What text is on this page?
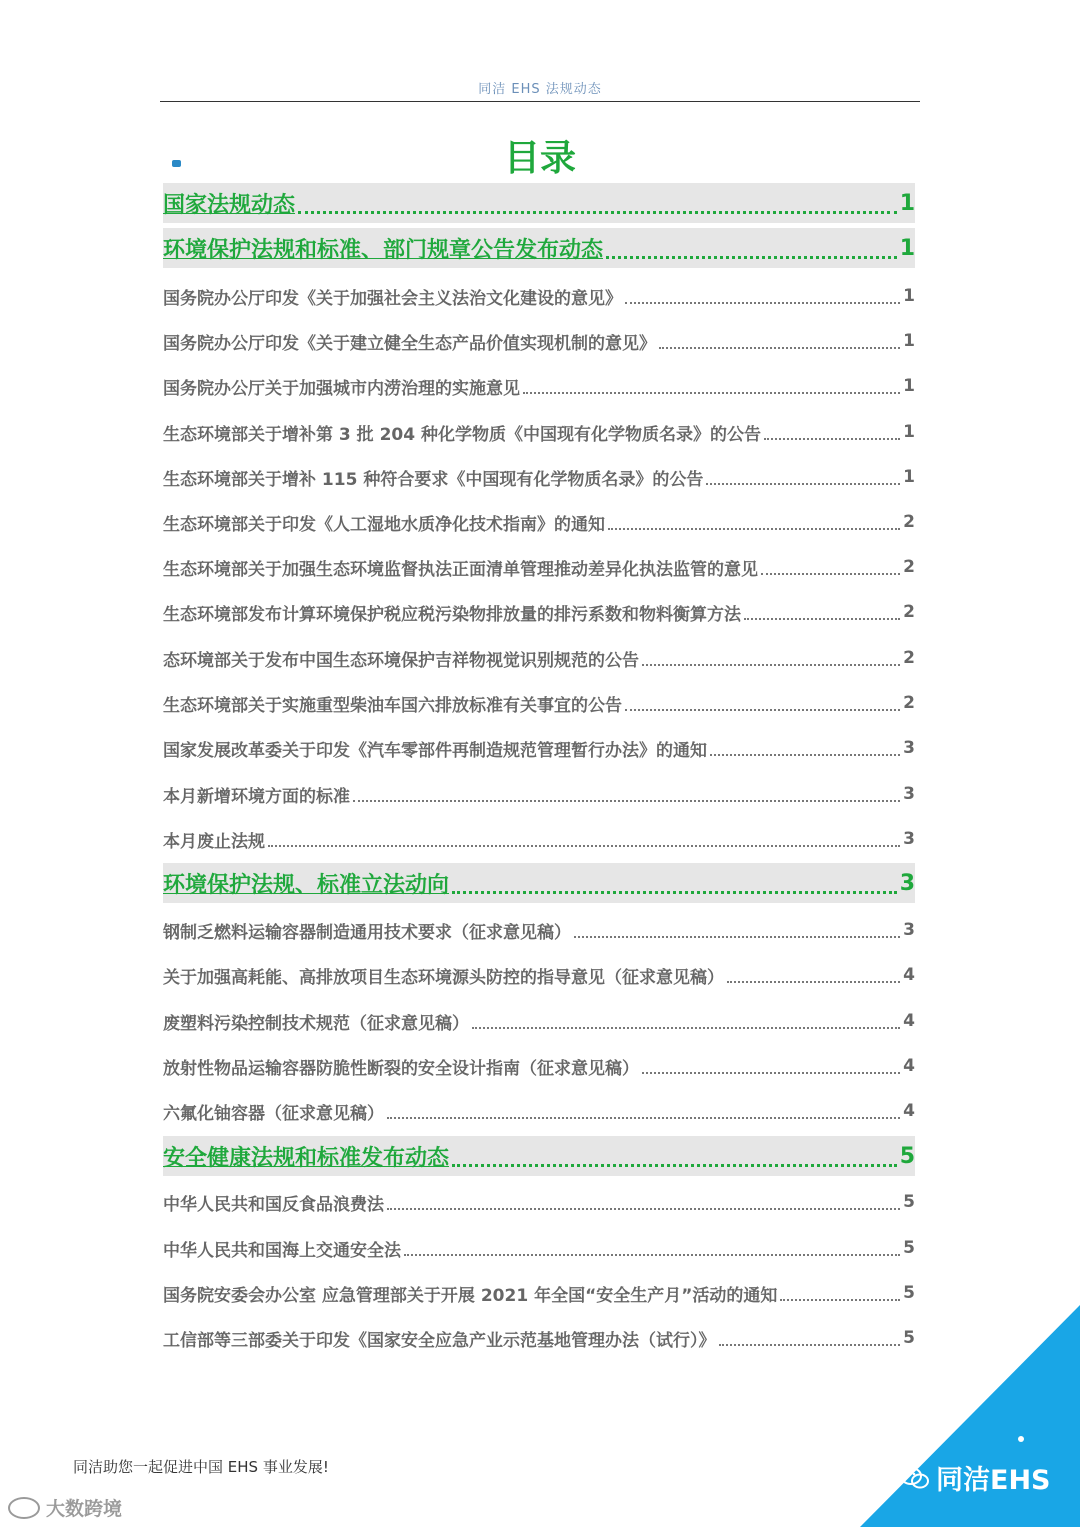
同洁 EHS 法规动态
目录
国家法规动态	1
环境保护法规和标准、部门规章公告发布动态	1
国务院办公厅印发《关于加强社会主义法治文化建设的意见》	1
国务院办公厅印发《关于建立健全生态产品价值实现机制的意见》	1
国务院办公厅关于加强城市内涝治理的实施意见	1
生态环境部关于增补第 3 批 204 种化学物质《中国现有化学物质名录》的公告	1
生态环境部关于增补 115 种符合要求《中国现有化学物质名录》的公告	1
生态环境部关于印发《人工湿地水质净化技术指南》的通知	2
生态环境部关于加强生态环境监督执法正面清单管理推动差异化执法监管的意见	2
生态环境部发布计算环境保护税应税污染物排放量的排污系数和物料衡算方法	2
态环境部关于发布中国生态环境保护吉祥物视觉识别规范的公告	2
生态环境部关于实施重型柴油车国六排放标准有关事宜的公告	2
国家发展改革委关于印发《汽车零部件再制造规范管理暂行办法》的通知	3
本月新增环境方面的标准	3
本月废止法规	3
环境保护法规、标准立法动向	3
钢制乏燃料运输容器制造通用技术要求（征求意见稿）	3
关于加强高耗能、高排放项目生态环境源头防控的指导意见（征求意见稿）	4
废塑料污染控制技术规范（征求意见稿）	4
放射性物品运输容器防脆性断裂的安全设计指南（征求意见稿）	4
六氟化铀容器（征求意见稿）	4
安全健康法规和标准发布动态	5
中华人民共和国反食品浪费法	5
中华人民共和国海上交通安全法	5
国务院安委会办公室 应急管理部关于开展 2021 年全国“安全生产月”活动的通知	5
工信部等三部委关于印发《国家安全应急产业示范基地管理办法（试行）》	5
同洁助您一起促进中国 EHS 事业发展!
大数跨境
同洁EHS
